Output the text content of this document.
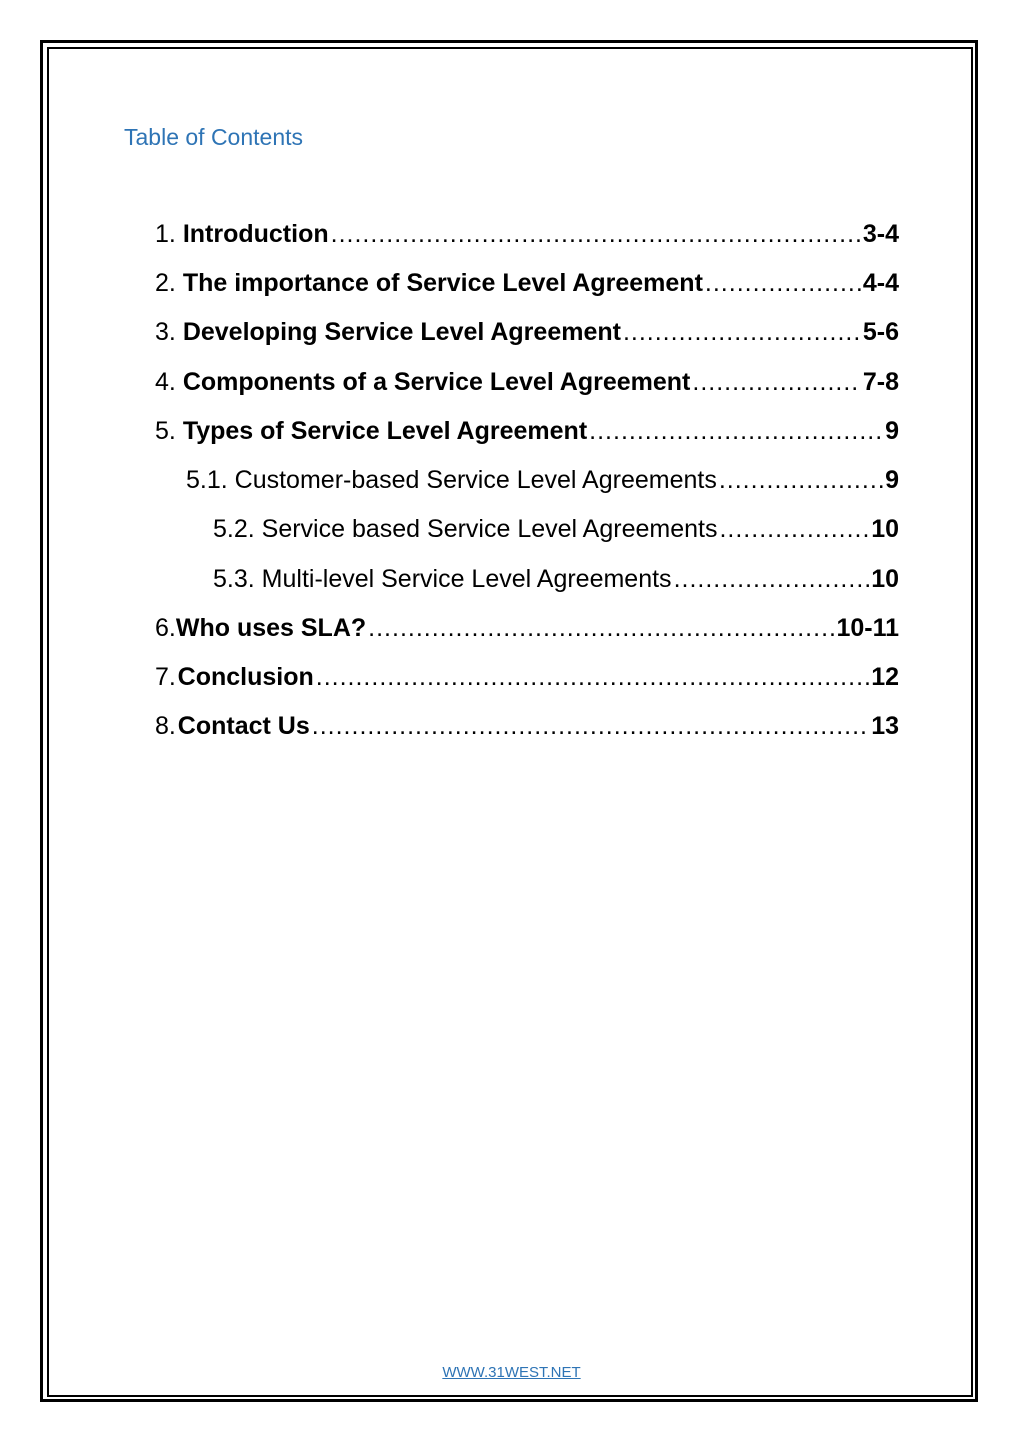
Table of Contents
1.
Introduction .....	3-4
2.
The importance of Service Level Agreement .....	4-4
3.
Developing Service Level Agreement .....	5-6
4.
Components of a Service Level Agreement .....	7-8
5.
Types of Service Level Agreement .....	9
5.1.
Customer-based Service Level Agreements .....	9
5.2.
Service based Service Level Agreements .....	10
5.3.
Multi-level Service Level Agreements .....	10
6. Who uses SLA? .....	10-11
7. Conclusion .....	12
8. Contact Us .....	13
WWW.31WEST.NET
